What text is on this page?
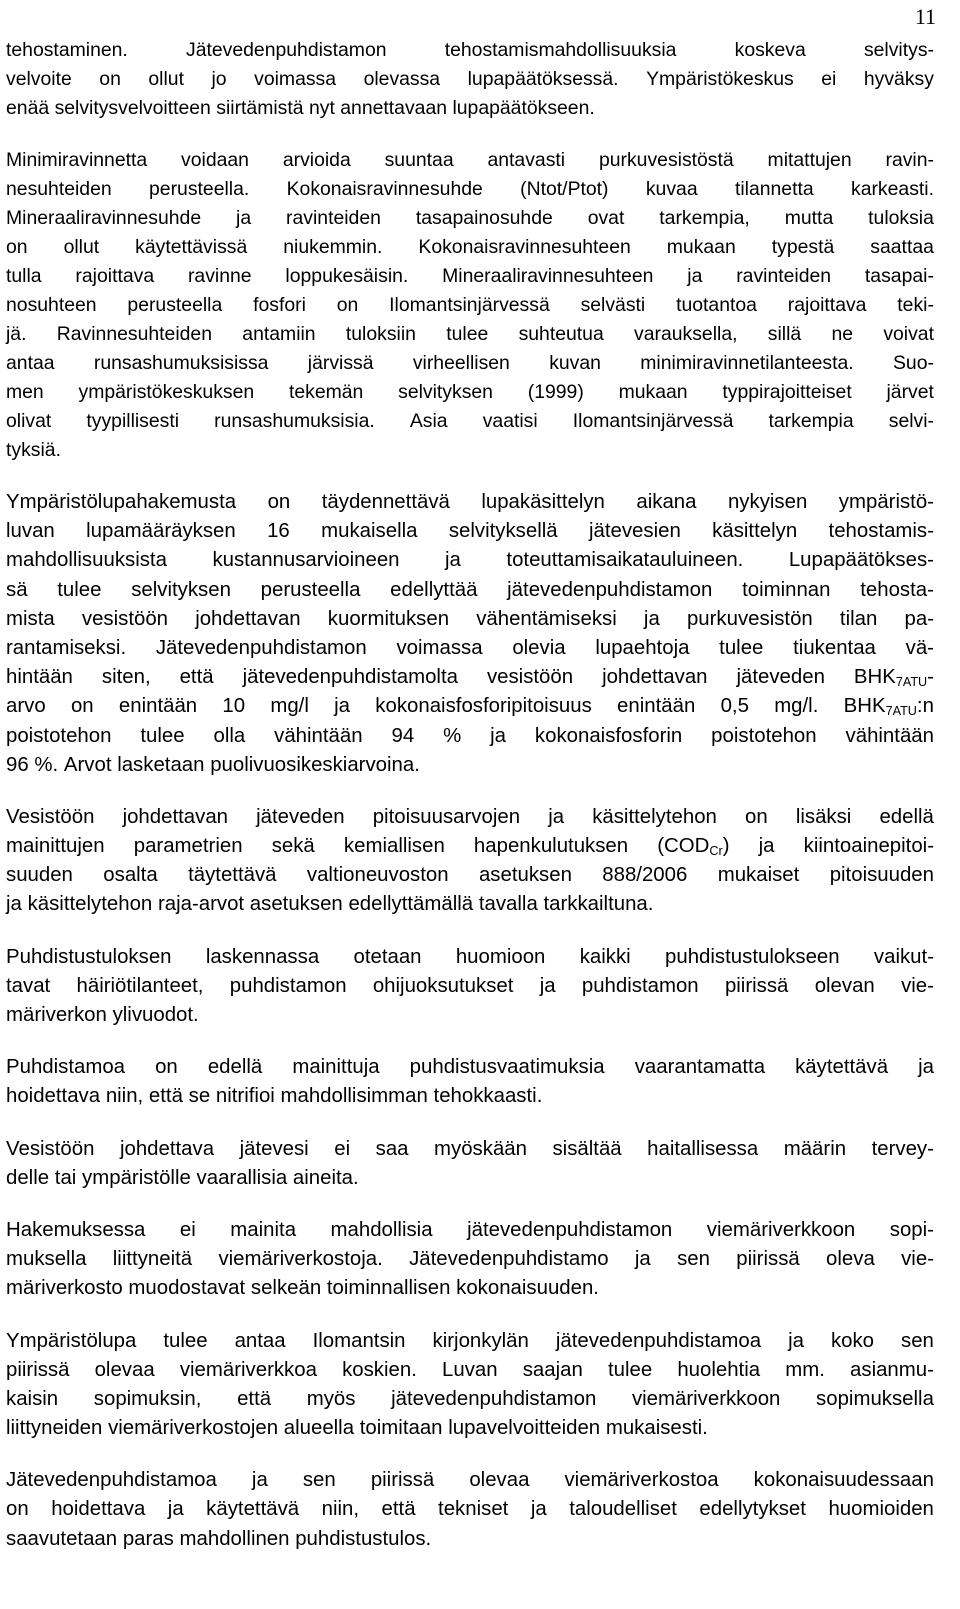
11
tehostaminen.	Jätevedenpuhdistamon	tehostamismahdollisuuksia	koskeva	selvitys-
velvoite on ollut jo voimassa olevassa lupapäätöksessä. Ympäristökeskus ei hyväksy
enää selvitysvelvoitteen siirtämistä nyt annettavaan lupapäätökseen.
Minimiravinnetta voidaan arvioida suuntaa antavasti purkuvesistöstä mitattujen ravin-
nesuhteiden perusteella. Kokonaisravinnesuhde (Ntot/Ptot) kuvaa tilannetta karkeasti.
Mineraaliravinnesuhde ja ravinteiden tasapainosuhde ovat tarkempia, mutta tuloksia
on ollut käytettävissä niukemmin. Kokonaisravinnesuhteen mukaan typestä saattaa
tulla rajoittava ravinne loppukesäisin. Mineraaliravinnesuhteen ja ravinteiden tasapai-
nosuhteen perusteella fosfori on Ilomantsinjärvessä selvästi tuotantoa rajoittava teki-
jä. Ravinnesuhteiden antamiin tuloksiin tulee suhteutua varauksella, sillä ne voivat
antaa runsashumuksisissa järvissä virheellisen kuvan minimiravinnetilanteesta. Suo-
men ympäristökeskuksen tekemän selvityksen (1999) mukaan typpirajoitteiset järvet
olivat tyypillisesti runsashumuksisia. Asia vaatisi Ilomantsinjärvessä tarkempia selvi-
tyksiä.
Ympäristölupahakemusta on täydennettävä lupakäsittelyn aikana nykyisen ympäristö-
luvan lupamääräyksen 16 mukaisella selvityksellä jätevesien käsittelyn tehostamis-
mahdollisuuksista kustannusarvioineen ja toteuttamisaikatauluineen. Lupapäätökses-
sä tulee selvityksen perusteella edellyttää jätevedenpuhdistamon toiminnan tehosta-
mista vesistöön johdettavan kuormituksen vähentämiseksi ja purkuvesistön tilan pa-
rantamiseksi. Jätevedenpuhdistamon voimassa olevia lupaehtoja tulee tiukentaa vä-
hintään siten, että jätevedenpuhdistamolta vesistöön johdettavan jäteveden $BHK_{7ATU}-$
arvo on enintään 10 mg/l ja kokonaisfosforipitoisuus enintään 0,5 mg/l. $BHK_{7ATU}:n$
poistotehon tulee olla vähintään 94 % ja kokonaisfosforin poistotehon vähintään
96 %. Arvot lasketaan puolivuosikeskiarvoina.
Vesistöön johdettavan jäteveden pitoisuusarvojen ja käsittelytehon on lisäksi edellä
mainittujen parametrien sekä kemiallisen hapenkulutuksen $(COD_{Cr})$ ja kiintoainepitoi-
suuden osalta täytettävä valtioneuvoston asetuksen 888/2006 mukaiset pitoisuuden
ja käsittelytehon raja-arvot asetuksen edellyttämällä tavalla tarkkailtuna.
Puhdistustuloksen laskennassa otetaan huomioon kaikki puhdistustulokseen vaikut-
tavat häiriötilanteet, puhdistamon ohijuoksutukset ja puhdistamon piirissä olevan vie-
märiverkon ylivuodot.
Puhdistamoa on edellä mainittuja puhdistusvaatimuksia vaarantamatta käytettävä ja
hoidettava niin, että se nitrifioi mahdollisimman tehokkaasti.
Vesistöön johdettava jätevesi ei saa myöskään sisältää haitallisessa määrin tervey-
delle tai ympäristölle vaarallisia aineita.
Hakemuksessa ei mainita mahdollisia jätevedenpuhdistamon viemäriverkkoon sopi-
muksella liittyneitä viemäriverkostoja. Jätevedenpuhdistamo ja sen piirissä oleva vie-
märiverkosto muodostavat selkeän toiminnallisen kokonaisuuden.
Ympäristölupa tulee antaa Ilomantsin kirjonkylän jätevedenpuhdistamoa ja koko sen
piirissä olevaa viemäriverkkoa koskien. Luvan saajan tulee huolehtia mm. asianmu-
kaisin sopimuksin, että myös jätevedenpuhdistamon viemäriverkkoon sopimuksella
liittyneiden viemäriverkostojen alueella toimitaan lupavelvoitteiden mukaisesti.
Jätevedenpuhdistamoa ja sen piirissä olevaa viemäriverkostoa kokonaisuudessaan
on hoidettava ja käytettävä niin, että tekniset ja taloudelliset edellytykset huomioiden
saavutetaan paras mahdollinen puhdistustulos.
